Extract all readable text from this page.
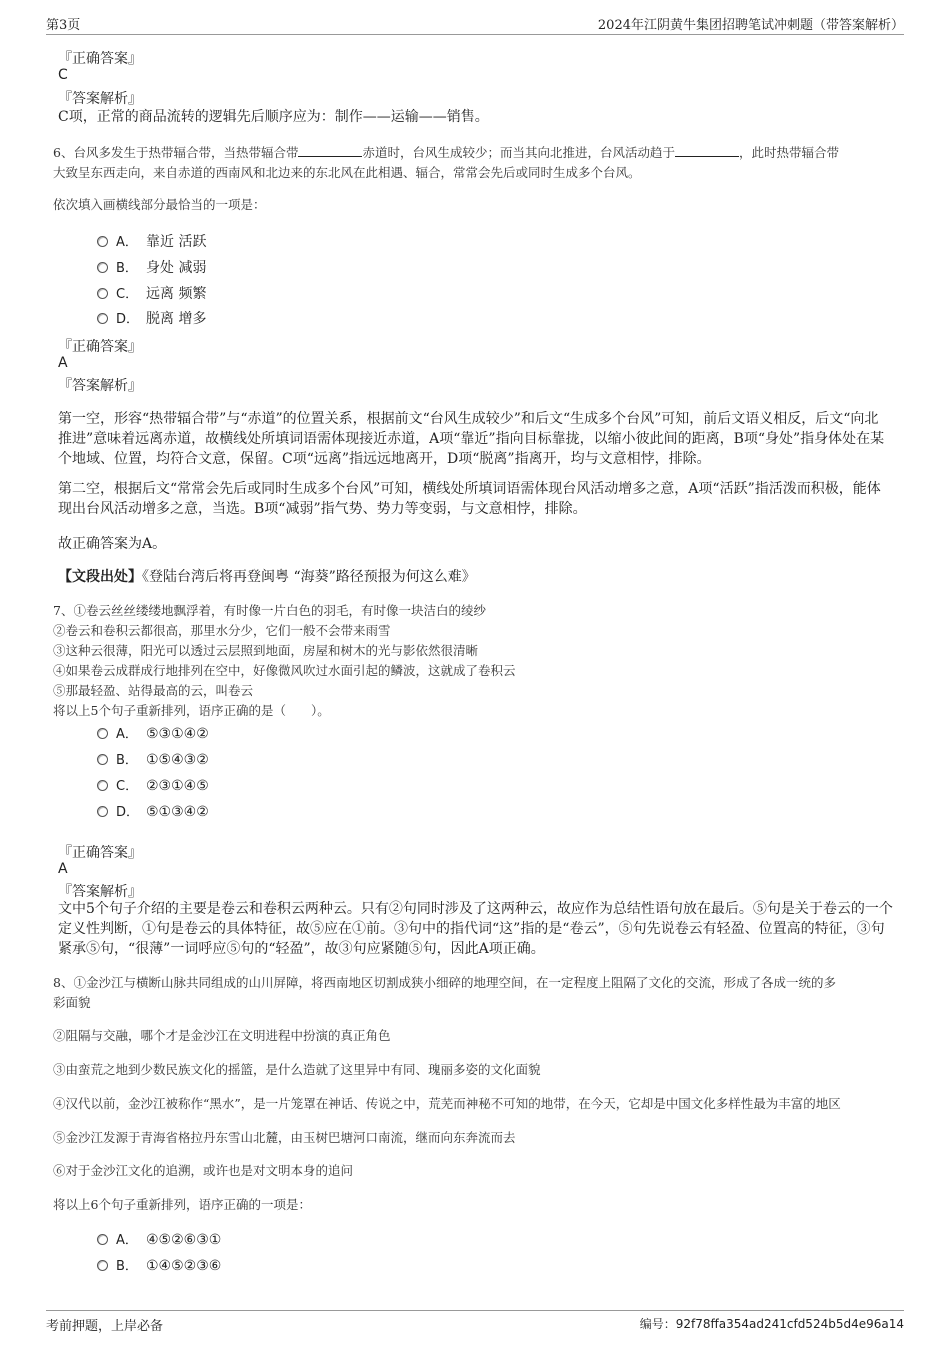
第3页	2024年江阴黄牛集团招聘笔试冲刺题（带答案解析）
『正确答案』
C
『答案解析』
C项，正常的商品流转的逻辑先后顺序应为：制作——运输——销售。
6、台风多发生于热带辐合带，当热带辐合带	赤道时，台风生成较少；而当其向北推进，台风活动趋于	，此时热带辐合带
大致呈东西走向，来自赤道的西南风和北边来的东北风在此相遇、辐合，常常会先后或同时生成多个台风。
依次填入画横线部分最恰当的一项是：
A． 靠近 活跃
B． 身处 减弱
C． 远离 频繁
D． 脱离 增多
『正确答案』
A
『答案解析』
第一空，形容“热带辐合带”与“赤道”的位置关系，根据前文“台风生成较少”和后文“生成多个台风”可知，前后文语义相反，后文“向北推进”意味着远离赤道，故横线处所填词语需体现接近赤道，A项“靠近”指向目标靠拢，以缩小彼此间的距离，B项“身处”指身体处在某个地域、位置，均符合文意，保留。C项“远离”指远远地离开，D项“脱离”指离开，均与文意相悖，排除。
第二空，根据后文“常常会先后或同时生成多个台风”可知，横线处所填词语需体现台风活动增多之意，A项“活跃”指活泼而积极，能体现出台风活动增多之意，当选。B项“减弱”指气势、势力等变弱，与文意相悖，排除。
故正确答案为A。
【文段出处】《登陆台湾后将再登闽粤 “海葵”路径预报为何这么难》
7、①卷云丝丝缕缕地飘浮着，有时像一片白色的羽毛，有时像一块洁白的绫纱
②卷云和卷积云都很高，那里水分少，它们一般不会带来雨雪
③这种云很薄，阳光可以透过云层照到地面，房屋和树木的光与影依然很清晰
④如果卷云成群成行地排列在空中，好像微风吹过水面引起的鳞波，这就成了卷积云
⑤那最轻盈、站得最高的云，叫卷云
将以上5个句子重新排列，语序正确的是（　　）。
A． ⑤③①④②
B． ①⑤④③②
C． ②③①④⑤
D． ⑤①③④②
『正确答案』
A
『答案解析』
文中5个句子介绍的主要是卷云和卷积云两种云。只有②句同时涉及了这两种云，故应作为总结性语句放在最后。⑤句是关于卷云的一个定义性判断，①句是卷云的具体特征，故⑤应在①前。③句中的指代词“这”指的是“卷云”，⑤句先说卷云有轻盈、位置高的特征，③句紧承⑤句，“很薄”一词呼应⑤句的“轻盈”，故③句应紧随⑤句，因此A项正确。
8、①金沙江与横断山脉共同组成的山川屏障，将西南地区切割成狭小细碎的地理空间，在一定程度上阻隔了文化的交流，形成了各成一统的多
彩面貌
②阻隔与交融，哪个才是金沙江在文明进程中扮演的真正角色
③由蛮荒之地到少数民族文化的摇篮，是什么造就了这里异中有同、瑰丽多姿的文化面貌
④汉代以前，金沙江被称作“黑水”，是一片笼罩在神话、传说之中，荒芜而神秘不可知的地带，在今天，它却是中国文化多样性最为丰富的地区
⑤金沙江发源于青海省格拉丹东雪山北麓，由玉树巴塘河口南流，继而向东奔流而去
⑥对于金沙江文化的追溯，或许也是对文明本身的追问
将以上6个句子重新排列，语序正确的一项是：
A． ④⑤②⑥③①
B． ①④⑤②③⑥
考前押题，上岸必备	编号：92f78ffa354ad241cfd524b5d4e96a14
